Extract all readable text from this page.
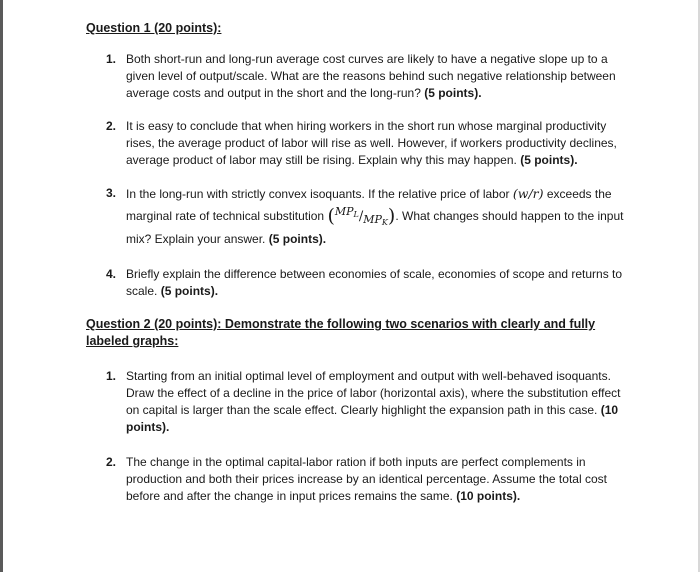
Question 1 (20 points):
1. Both short-run and long-run average cost curves are likely to have a negative slope up to a given level of output/scale. What are the reasons behind such negative relationship between average costs and output in the short and the long-run? (5 points).
2. It is easy to conclude that when hiring workers in the short run whose marginal productivity rises, the average product of labor will rise as well. However, if workers productivity declines, average product of labor may still be rising. Explain why this may happen. (5 points).
3. In the long-run with strictly convex isoquants. If the relative price of labor (w/r) exceeds the marginal rate of technical substitution $(MP_L/MP_K)$. What changes should happen to the input mix? Explain your answer. (5 points).
4. Briefly explain the difference between economies of scale, economies of scope and returns to scale. (5 points).
Question 2 (20 points): Demonstrate the following two scenarios with clearly and fully labeled graphs:
1. Starting from an initial optimal level of employment and output with well-behaved isoquants. Draw the effect of a decline in the price of labor (horizontal axis), where the substitution effect on capital is larger than the scale effect. Clearly highlight the expansion path in this case. (10 points).
2. The change in the optimal capital-labor ration if both inputs are perfect complements in production and both their prices increase by an identical percentage. Assume the total cost before and after the change in input prices remains the same. (10 points).
